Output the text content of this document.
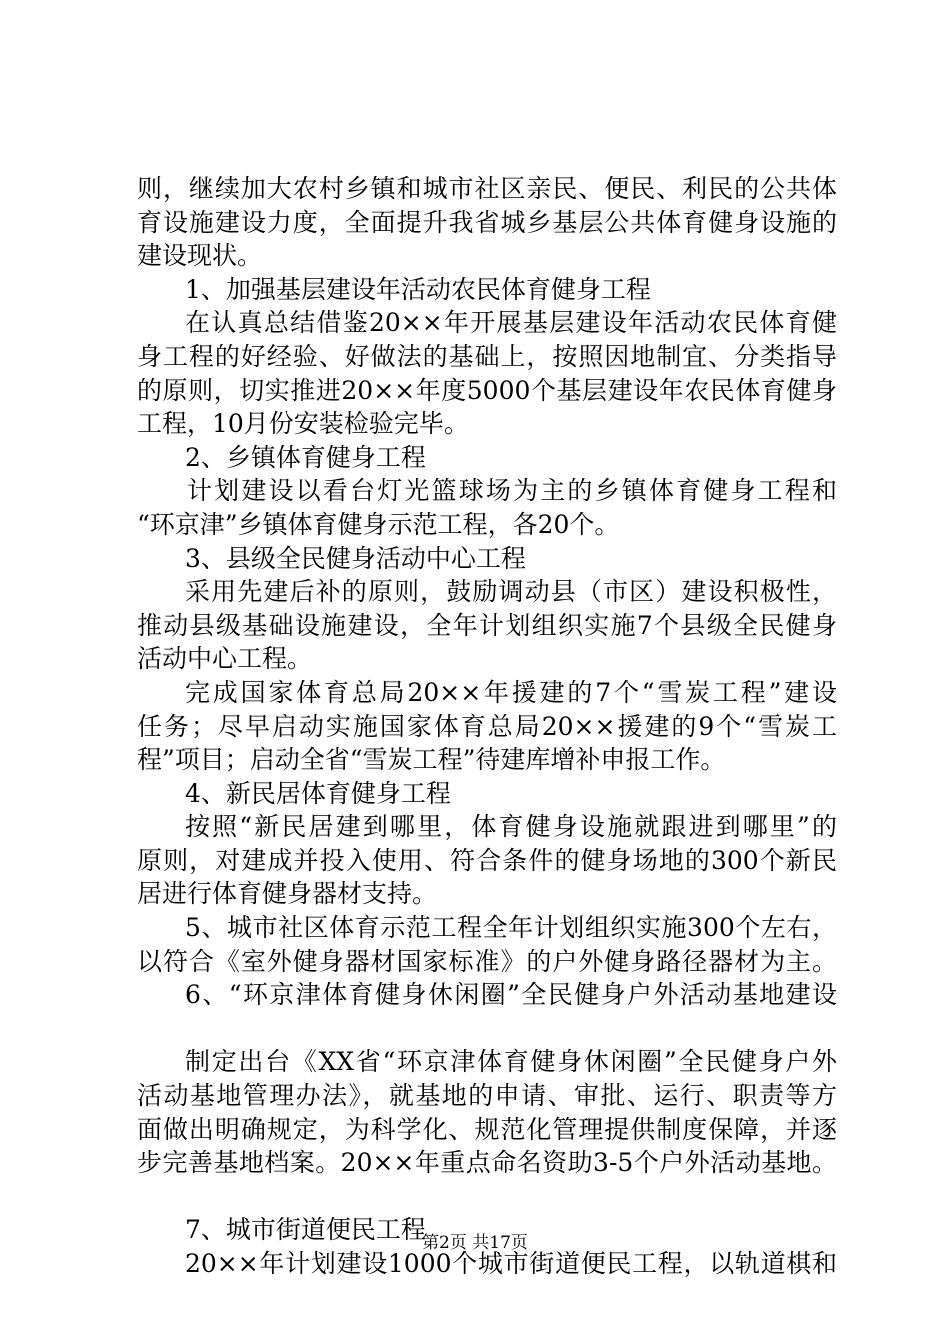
则，继续加大农村乡镇和城市社区亲民、便民、利民的公共体
育设施建设力度，全面提升我省城乡基层公共体育健身设施的
建设现状。
1、加强基层建设年活动农民体育健身工程
在认真总结借鉴20××年开展基层建设年活动农民体育健
身工程的好经验、好做法的基础上，按照因地制宜、分类指导
的原则，切实推进20××年度5000个基层建设年农民体育健身
工程，10月份安装检验完毕。
2、乡镇体育健身工程
计划建设以看台灯光篮球场为主的乡镇体育健身工程和
“环京津”乡镇体育健身示范工程，各20个。
3、县级全民健身活动中心工程
采用先建后补的原则，鼓励调动县（市区）建设积极性，
推动县级基础设施建设，全年计划组织实施7个县级全民健身
活动中心工程。
完成国家体育总局20××年援建的7个“雪炭工程”建设
任务；尽早启动实施国家体育总局20××援建的9个“雪炭工
程”项目；启动全省“雪炭工程”待建库增补申报工作。
4、新民居体育健身工程
按照“新民居建到哪里，体育健身设施就跟进到哪里”的
原则，对建成并投入使用、符合条件的健身场地的300个新民
居进行体育健身器材支持。
5、城市社区体育示范工程全年计划组织实施300个左右，
以符合《室外健身器材国家标准》的户外健身路径器材为主。
6、“环京津体育健身休闲圈”全民健身户外活动基地建设
制定出台《XX省“环京津体育健身休闲圈”全民健身户外
活动基地管理办法》，就基地的申请、审批、运行、职责等方
面做出明确规定，为科学化、规范化管理提供制度保障，并逐
步完善基地档案。20××年重点命名资助3-5个户外活动基地。
7、城市街道便民工程
20××年计划建设1000个城市街道便民工程，以轨道棋和
第2页 共17页
